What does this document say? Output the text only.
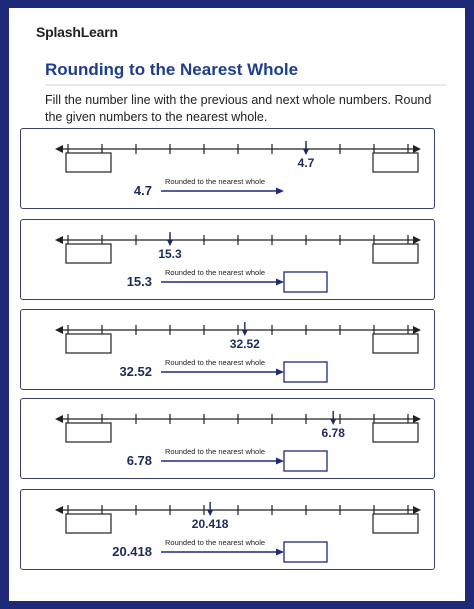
SplashLearn
Rounding to the Nearest Whole
Fill the number line with the previous and next whole numbers. Round the given numbers to the nearest whole.
4.7
4.7
Rounded to the nearest whole
15.3
15.3
Rounded to the nearest whole
32.52
32.52
Rounded to the nearest whole
6.78
6.78
Rounded to the nearest whole
20.418
20.418
Rounded to the nearest whole
